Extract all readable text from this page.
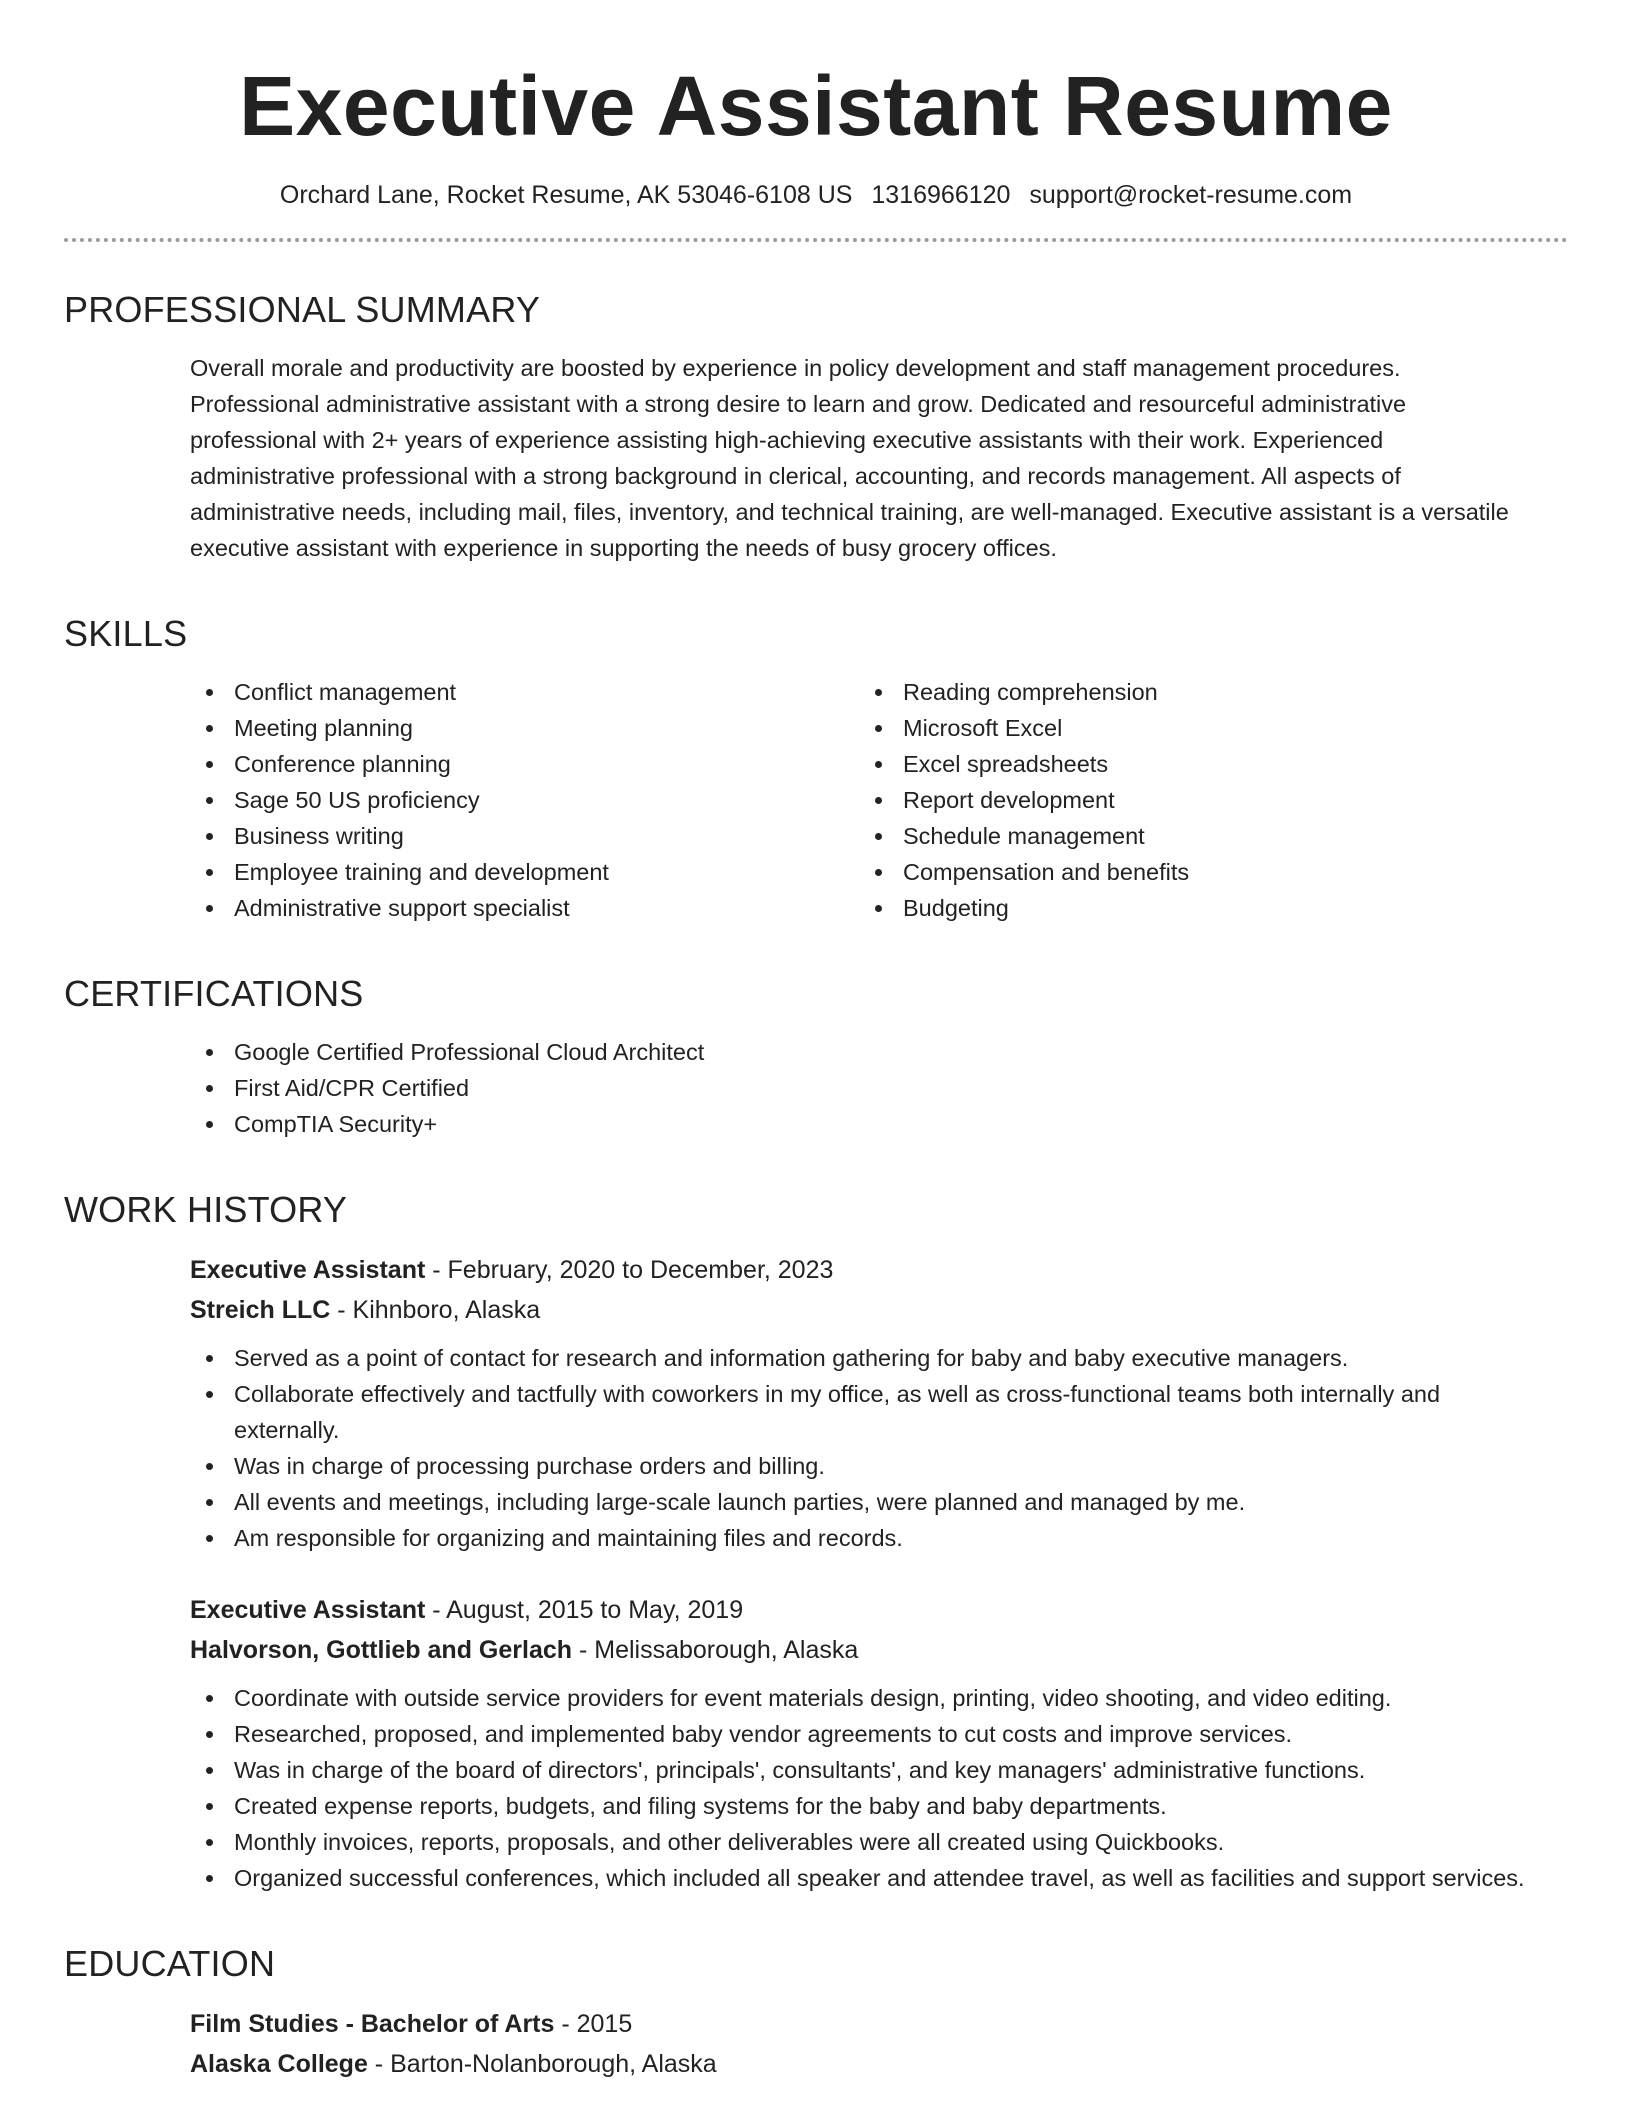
Executive Assistant Resume
Orchard Lane, Rocket Resume, AK 53046-6108 US 1316966120 support@rocket-resume.com
PROFESSIONAL SUMMARY

Overall morale and productivity are boosted by experience in policy development and staff management procedures. Professional administrative assistant with a strong desire to learn and grow. Dedicated and resourceful administrative professional with 2+ years of experience assisting high-achieving executive assistants with their work. Experienced administrative professional with a strong background in clerical, accounting, and records management. All aspects of administrative needs, including mail, files, inventory, and technical training, are well-managed. Executive assistant is a versatile executive assistant with experience in supporting the needs of busy grocery offices.

SKILLS
Conflict management
Meeting planning
Conference planning
Sage 50 US proficiency
Business writing
Employee training and development
Administrative support specialist
Reading comprehension
Microsoft Excel
Excel spreadsheets
Report development
Schedule management
Compensation and benefits
Budgeting
CERTIFICATIONS
Google Certified Professional Cloud Architect
First Aid/CPR Certified
CompTIA Security+
WORK HISTORY
Executive Assistant - February, 2020 to December, 2023
Streich LLC - Kihnboro, Alaska
Served as a point of contact for research and information gathering for baby and baby executive managers.
Collaborate effectively and tactfully with coworkers in my office, as well as cross-functional teams both internally and externally.
Was in charge of processing purchase orders and billing.
All events and meetings, including large-scale launch parties, were planned and managed by me.
Am responsible for organizing and maintaining files and records.
Executive Assistant - August, 2015 to May, 2019
Halvorson, Gottlieb and Gerlach - Melissaborough, Alaska
Coordinate with outside service providers for event materials design, printing, video shooting, and video editing.
Researched, proposed, and implemented baby vendor agreements to cut costs and improve services.
Was in charge of the board of directors', principals', consultants', and key managers' administrative functions.
Created expense reports, budgets, and filing systems for the baby and baby departments.
Monthly invoices, reports, proposals, and other deliverables were all created using Quickbooks.
Organized successful conferences, which included all speaker and attendee travel, as well as facilities and support services.
EDUCATION
Film Studies - Bachelor of Arts - 2015
Alaska College - Barton-Nolanborough, Alaska
